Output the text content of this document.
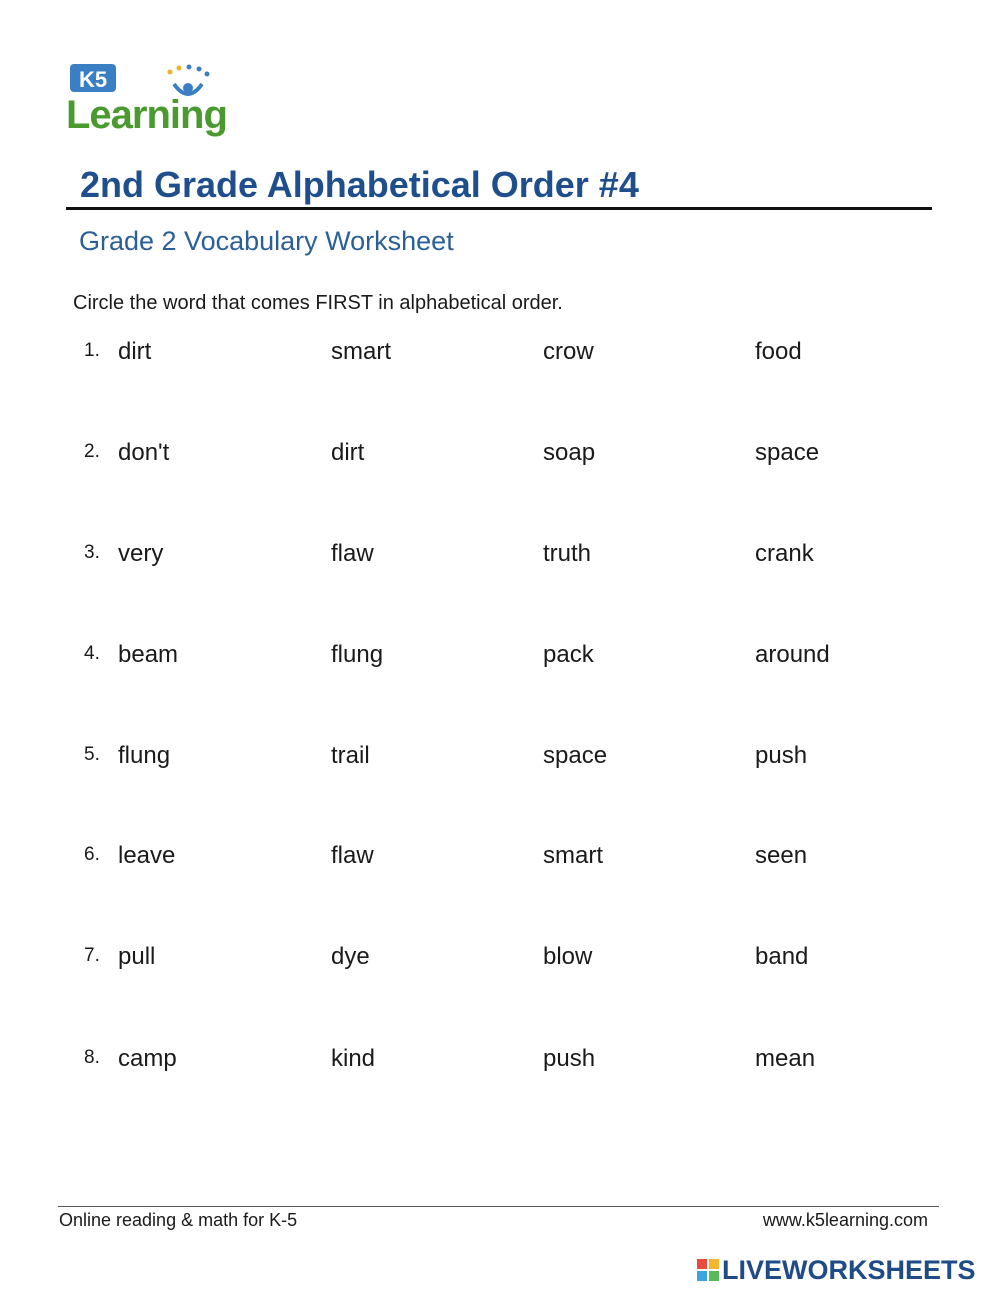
K5
Learning
2nd Grade Alphabetical Order #4
Grade 2 Vocabulary Worksheet
Circle the word that comes FIRST in alphabetical order.
1. dirt	smart	crow	food
2. don't	dirt	soap	space
3. very	flaw	truth	crank
4. beam	flung	pack	around
5. flung	trail	space	push
6. leave	flaw	smart	seen
7. pull	dye	blow	band
8. camp	kind	push	mean
Online reading & math for K-5	www.k5learning.com
LIVEWORKSHEETS
